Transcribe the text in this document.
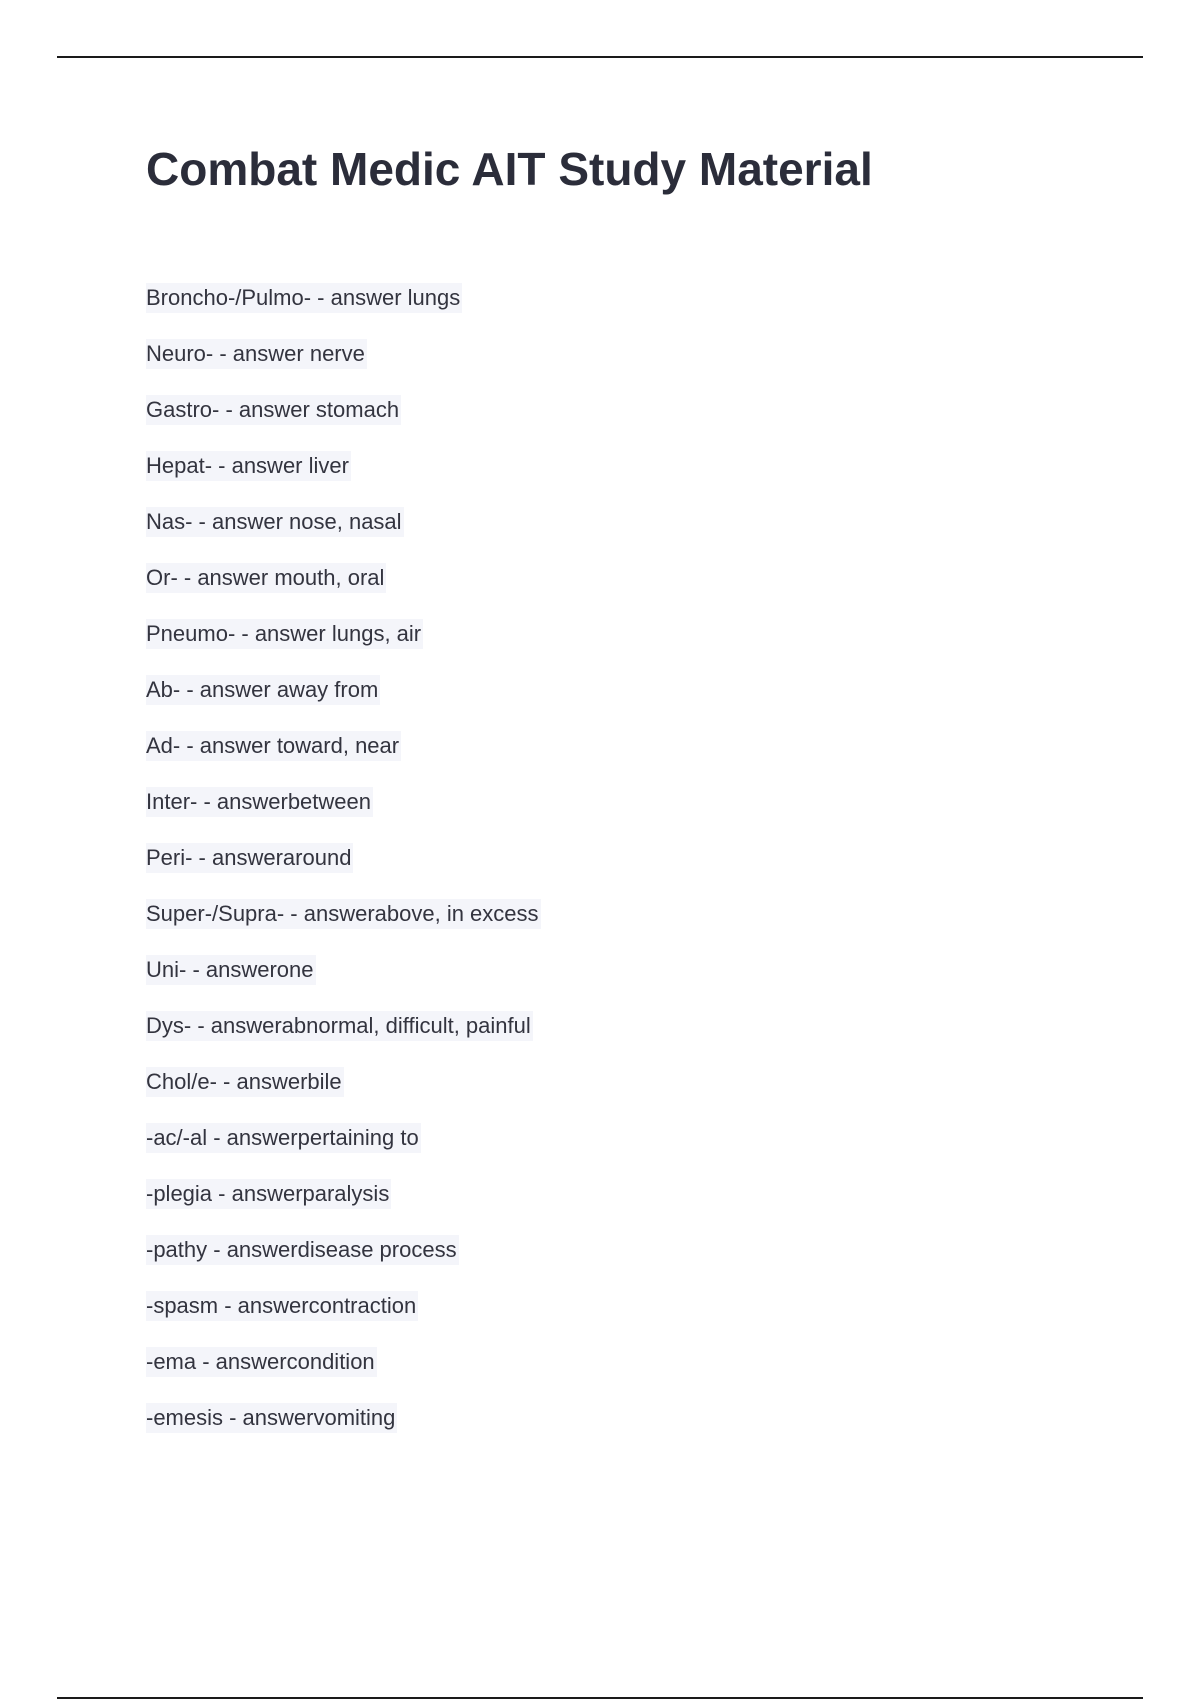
Combat Medic AIT Study Material
Broncho-/Pulmo- - answer lungs
Neuro- - answer nerve
Gastro- - answer stomach
Hepat- - answer liver
Nas- - answer nose, nasal
Or- - answer mouth, oral
Pneumo- - answer lungs, air
Ab- - answer away from
Ad- - answer toward, near
Inter- - answerbetween
Peri- - answeraround
Super-/Supra- - answerabove, in excess
Uni- - answerone
Dys- - answerabnormal, difficult, painful
Chol/e- - answerbile
-ac/-al - answerpertaining to
-plegia - answerparalysis
-pathy - answerdisease process
-spasm - answercontraction
-ema - answercondition
-emesis - answervomiting
